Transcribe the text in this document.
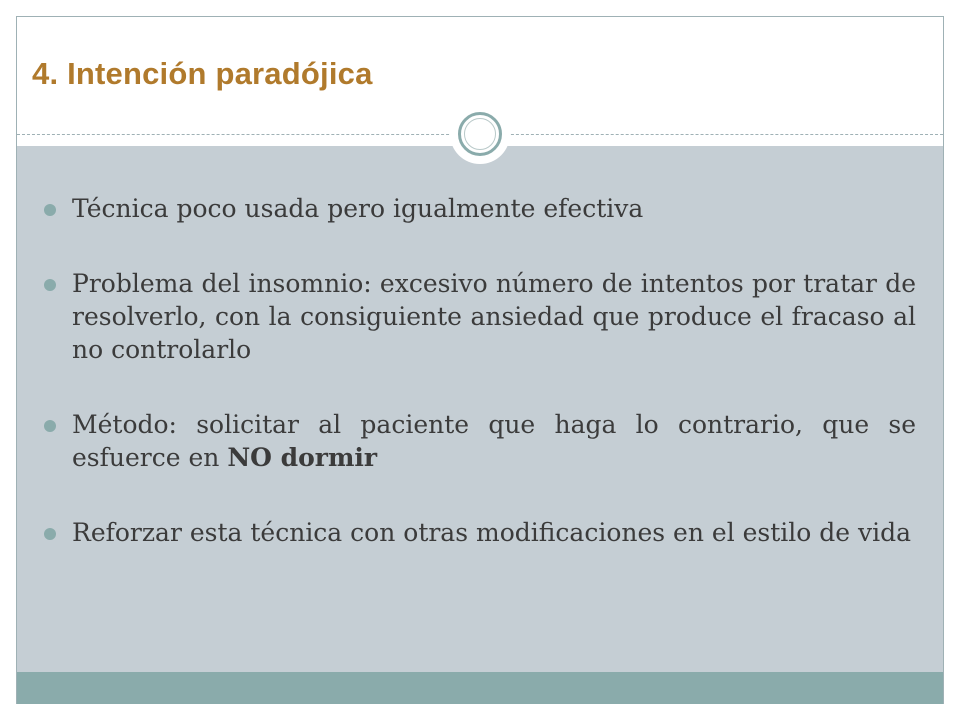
4. Intención paradójica
Técnica poco usada pero igualmente efectiva
Problema del insomnio: excesivo número de intentos por tratar de resolverlo, con la consiguiente ansiedad que produce el fracaso al no controlarlo
Método: solicitar al paciente que haga lo contrario, que se esfuerce en NO dormir
Reforzar esta técnica con otras modificaciones en el estilo de vida
